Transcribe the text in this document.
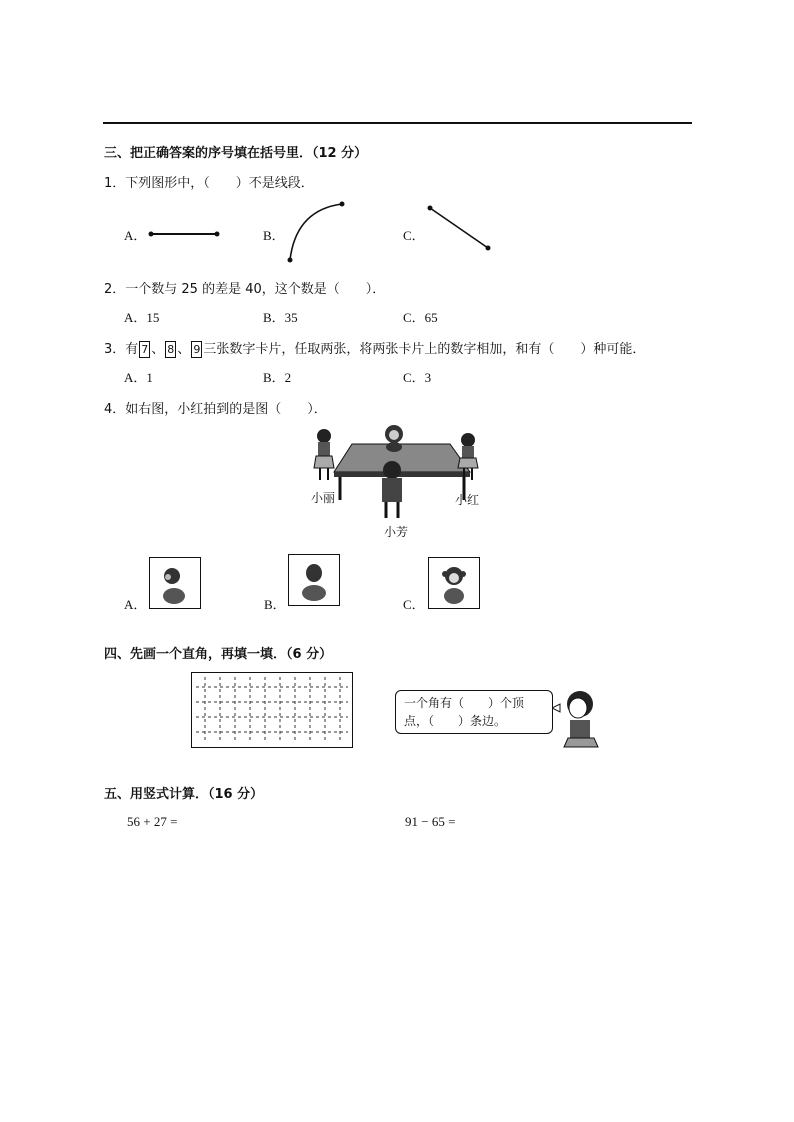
三、把正确答案的序号填在括号里．（12 分）
1．下列图形中，（　　）不是线段．
A．	B．	C．
2．一个数与 25 的差是 40，这个数是（　　）．
A．15	B．35	C．65
3．有 7 、 8 、 9 三张数字卡片，任取两张，将两张卡片上的数字相加，和有（　　）种可能．
A．1	B．2	C．3
4．如右图，小红拍到的是图（　　）．
小丽	小红
小芳
A．	B．	C．
四、先画一个直角，再填一填．（6 分）
一个角有（　　）个顶
点，（　　）条边。
五、用竖式计算．（16 分）
56 + 27 =	91 − 65 =
